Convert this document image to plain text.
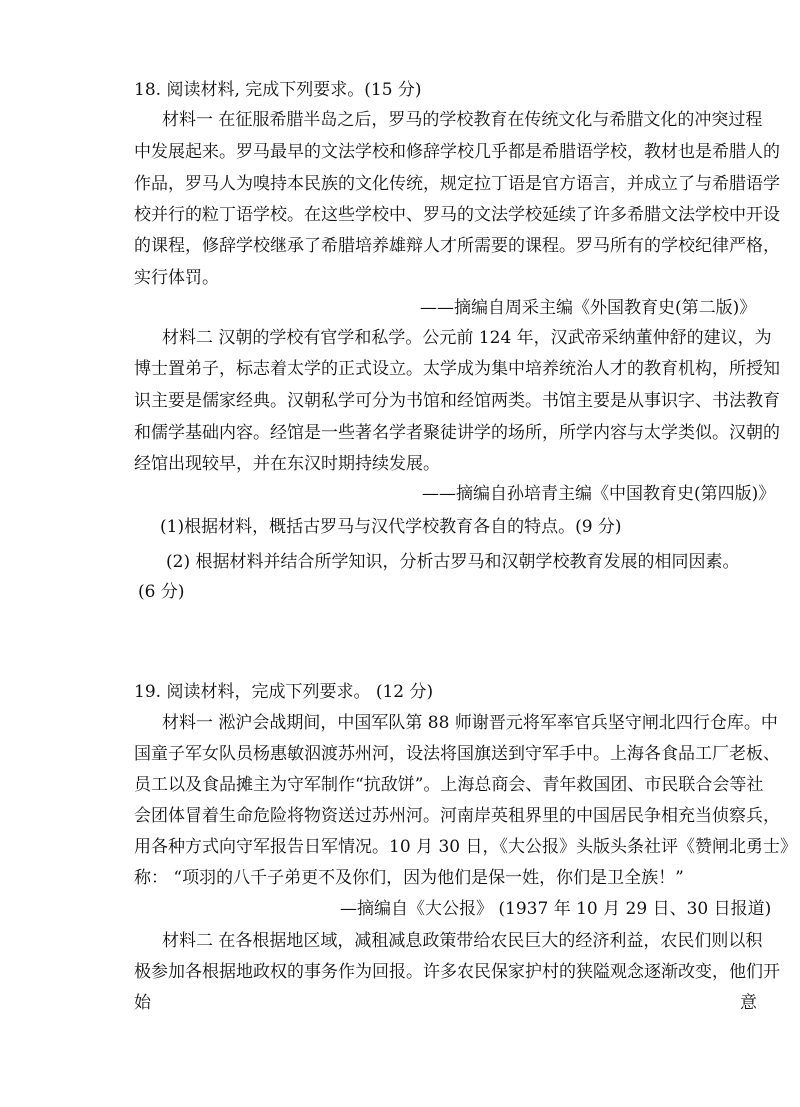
18. 阅读材料, 完成下列要求。(15 分)
材料一 在征服希腊半岛之后，罗马的学校教育在传统文化与希腊文化的冲突过程
中发展起来。罗马最早的文法学校和修辞学校几乎都是希腊语学校，教材也是希腊人的
作品，罗马人为嗅持本民族的文化传统，规定拉丁语是官方语言，并成立了与希腊语学
校并行的粒丁语学校。在这些学校中、罗马的文法学校延续了许多希腊文法学校中开设
的课程，修辞学校继承了希腊培养雄辩人才所需要的课程。罗马所有的学校纪律严格，
实行体罚。
——摘编自周采主编《外国教育史(第二版)》
材料二 汉朝的学校有官学和私学。公元前 124 年，汉武帝采纳董仲舒的建议，为
博士置弟子，标志着太学的正式设立。太学成为集中培养统治人才的教育机构，所授知
识主要是儒家经典。汉朝私学可分为书馆和经馆两类。书馆主要是从事识字、书法教育
和儒学基础内容。经馆是一些著名学者聚徒讲学的场所，所学内容与太学类似。汉朝的
经馆出现较早，并在东汉时期持续发展。
——摘编自孙培青主编《中国教育史(第四版)》
(1)根据材料，概括古罗马与汉代学校教育各自的特点。(9 分)
(2) 根据材料并结合所学知识，分析古罗马和汉朝学校教育发展的相同因素。
(6 分)
19. 阅读材料，完成下列要求。 (12 分)
材料一 淞沪会战期间，中国军队第 88 师谢晋元将军率官兵坚守闸北四行仓库。中
国童子军女队员杨惠敏泅渡苏州河，设法将国旗送到守军手中。上海各食品工厂老板、
员工以及食品摊主为守军制作“抗敌饼”。上海总商会、青年救国团、市民联合会等社
会团体冒着生命危险将物资送过苏州河。河南岸英租界里的中国居民争相充当侦察兵，
用各种方式向守军报告日军情况。10 月 30 日，《大公报》头版头条社评《赞闸北勇士》
称： “项羽的八千子弟更不及你们，因为他们是保一姓，你们是卫全族！”
—摘编自《大公报》 (1937 年 10 月 29 日、30 日报道)
材料二 在各根据地区域，减租减息政策带给农民巨大的经济利益，农民们则以积
极参加各根据地政权的事务作为回报。许多农民保家护村的狭隘观念逐渐改变，他们开
始	意
